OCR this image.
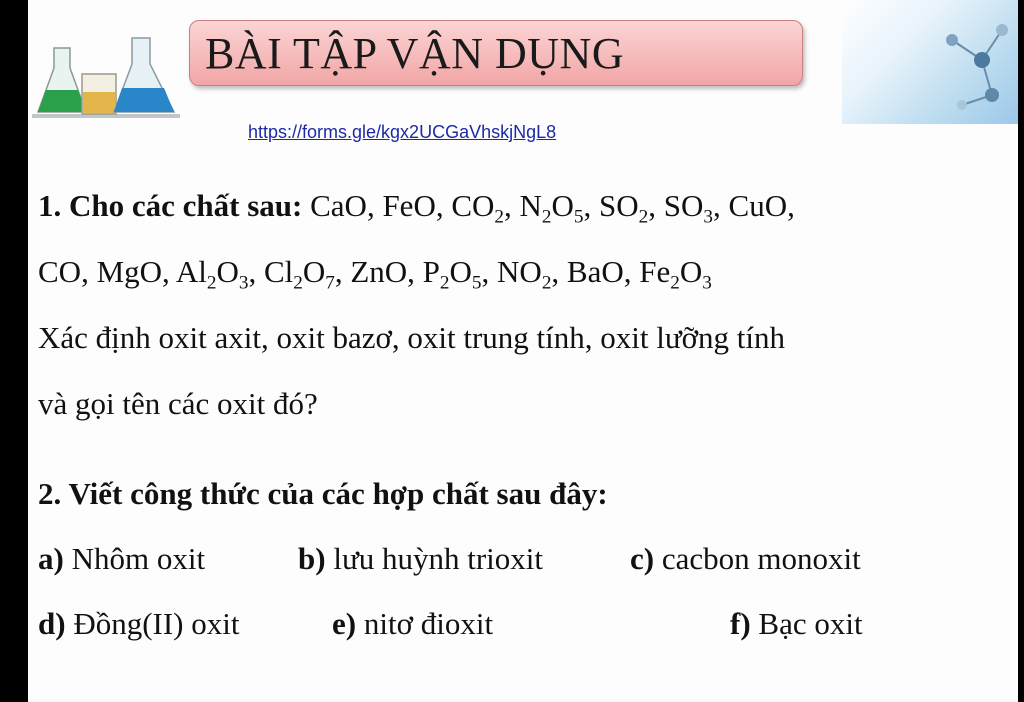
BÀI TẬP VẬN DỤNG
https://forms.gle/kgx2UCGaVhskjNgL8
1. Cho các chất sau: CaO, FeO, $CO_2$, $N_2O_5$, $SO_2$, $SO_3$, CuO,
CO, MgO, $Al_2O_3$, $Cl_2O_7$, ZnO, $P_2O_5$, $NO_2$, BaO, $Fe_2O_3$
Xác định oxit axit, oxit bazơ, oxit trung tính, oxit lưỡng tính
và gọi tên các oxit đó?
2. Viết công thức của các hợp chất sau đây:
a) Nhôm oxit	b) lưu huỳnh trioxit	c) cacbon monoxit
d) Đồng(II) oxit	e) nitơ đioxit	f) Bạc oxit
